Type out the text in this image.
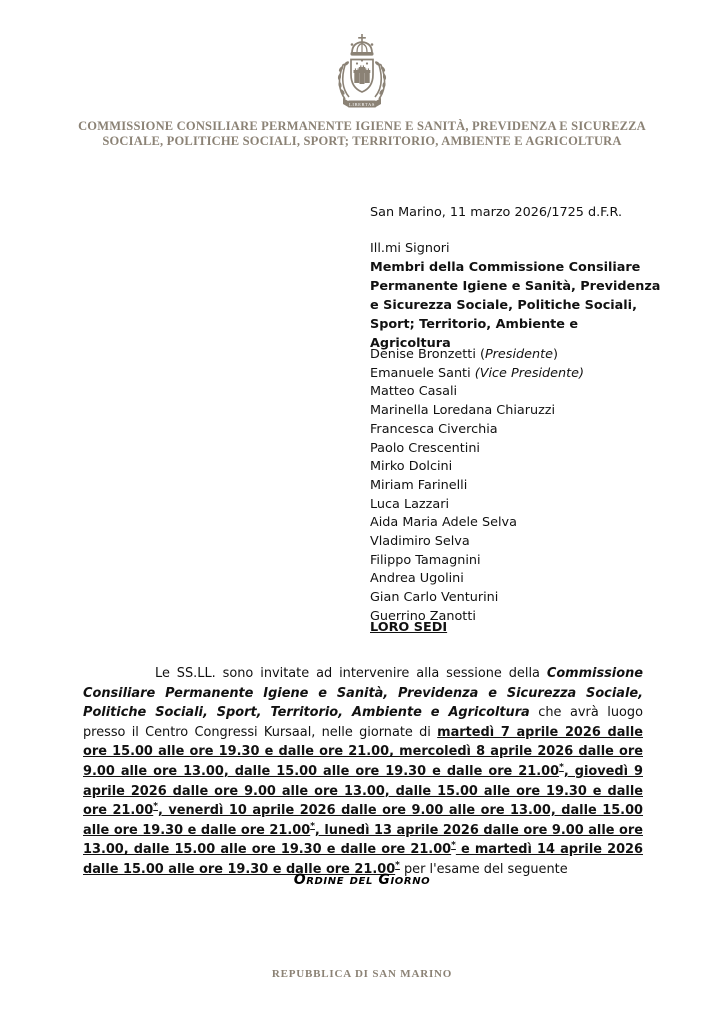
LIBERTAS
COMMISSIONE CONSILIARE PERMANENTE IGIENE E SANITÀ, PREVIDENZA E SICUREZZA
SOCIALE, POLITICHE SOCIALI, SPORT; TERRITORIO, AMBIENTE E AGRICOLTURA
San Marino, 11 marzo 2026/1725 d.F.R.
Ill.mi Signori
Membri della Commissione Consiliare Permanente Igiene e Sanità, Previdenza e Sicurezza Sociale, Politiche Sociali, Sport; Territorio, Ambiente e Agricoltura
Denise Bronzetti (Presidente)
Emanuele Santi (Vice Presidente)
Matteo Casali
Marinella Loredana Chiaruzzi
Francesca Civerchia
Paolo Crescentini
Mirko Dolcini
Miriam Farinelli
Luca Lazzari
Aida Maria Adele Selva
Vladimiro Selva
Filippo Tamagnini
Andrea Ugolini
Gian Carlo Venturini
Guerrino Zanotti
LORO SEDI

Le SS.LL. sono invitate ad intervenire alla sessione della Commissione Consiliare Permanente Igiene e Sanità, Previdenza e Sicurezza Sociale, Politiche Sociali, Sport, Territorio, Ambiente e Agricoltura che avrà luogo presso il Centro Congressi Kursaal, nelle giornate di martedì 7 aprile 2026 dalle ore 15.00 alle ore 19.30 e dalle ore 21.00, mercoledì 8 aprile 2026 dalle ore 9.00 alle ore 13.00, dalle 15.00 alle ore 19.30 e dalle ore 21.00*, giovedì 9 aprile 2026 dalle ore 9.00 alle ore 13.00, dalle 15.00 alle ore 19.30 e dalle ore 21.00*, venerdì 10 aprile 2026 dalle ore 9.00 alle ore 13.00, dalle 15.00 alle ore 19.30 e dalle ore 21.00*, lunedì 13 aprile 2026 dalle ore 9.00 alle ore 13.00, dalle 15.00 alle ore 19.30 e dalle ore 21.00* e martedì 14 aprile 2026 dalle 15.00 alle ore 19.30 e dalle ore 21.00* per l'esame del seguente

Ordine del Giorno
REPUBBLICA DI SAN MARINO
